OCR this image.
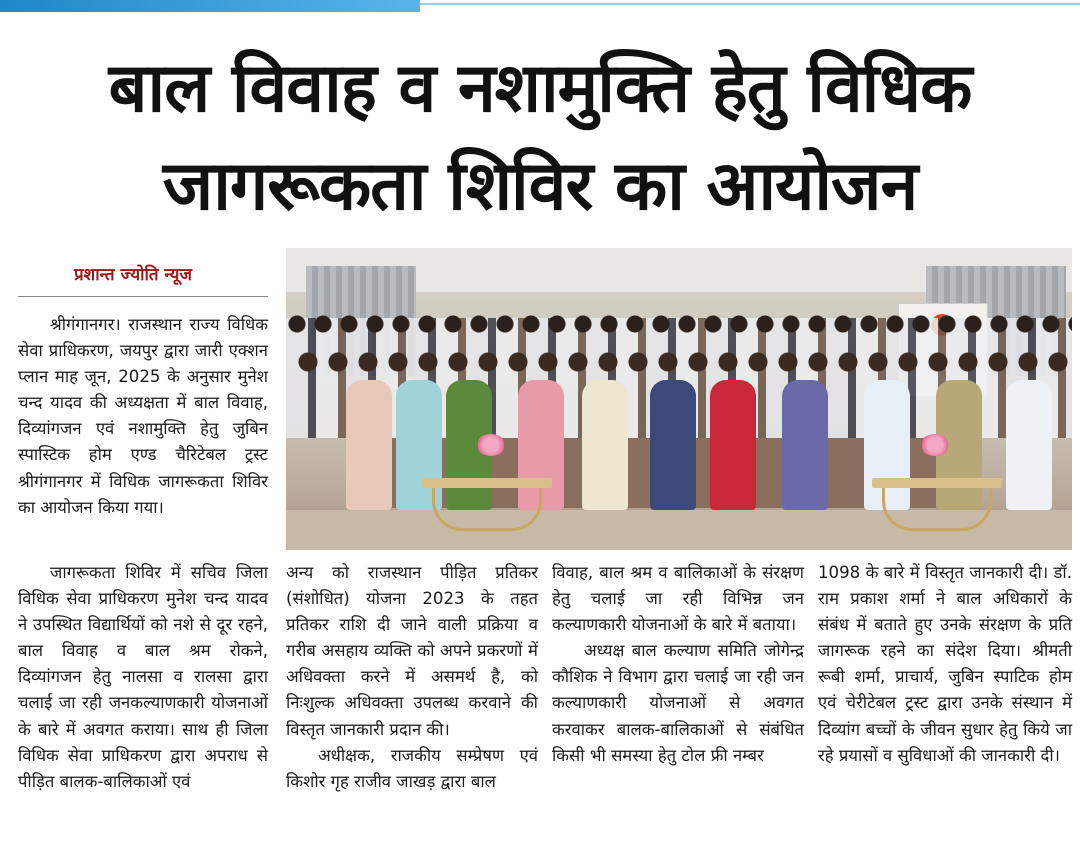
बाल विवाह व नशामुक्ति हेतु विधिक
जागरूकता शिविर का आयोजन
प्रशान्त ज्योति न्यूज

श्रीगंगानगर। राजस्थान राज्य विधिक सेवा प्राधिकरण, जयपुर द्वारा जारी एक्शन प्लान माह जून, 2025 के अनुसार मुनेश चन्द यादव की अध्यक्षता में बाल विवाह, दिव्यांगजन एवं नशामुक्ति हेतु जुबिन स्पास्टिक होम एण्ड चैरिटेबल ट्रस्ट श्रीगंगानगर में विधिक जागरूकता शिविर का आयोजन किया गया।

जागरूकता शिविर में सचिव जिला विधिक सेवा प्राधिकरण मुनेश चन्द यादव ने उपस्थित विद्यार्थियों को नशे से दूर रहने, बाल विवाह व बाल श्रम रोकने, दिव्यांगजन हेतु नालसा व रालसा द्वारा चलाई जा रही जनकल्याणकारी योजनाओं के बारे में अवगत कराया। साथ ही जिला विधिक सेवा प्राधिकरण द्वारा अपराध से पीड़ित बालक-बालिकाओं एवं

अन्य को राजस्थान पीड़ित प्रतिकर (संशोधित) योजना 2023 के तहत प्रतिकर राशि दी जाने वाली प्रक्रिया व गरीब असहाय व्यक्ति को अपने प्रकरणों में अधिवक्ता करने में असमर्थ है, को निःशुल्क अधिवक्ता उपलब्ध करवाने की विस्तृत जानकारी प्रदान की।

अधीक्षक, राजकीय सम्प्रेषण एवं किशोर गृह राजीव जाखड़ द्वारा बाल

विवाह, बाल श्रम व बालिकाओं के संरक्षण हेतु चलाई जा रही विभिन्न जन कल्याणकारी योजनाओं के बारे में बताया।

अध्यक्ष बाल कल्याण समिति जोगेन्द्र कौशिक ने विभाग द्वारा चलाई जा रही जन कल्याणकारी योजनाओं से अवगत करवाकर बालक-बालिकाओं से संबंधित किसी भी समस्या हेतु टोल फ्री नम्बर

1098 के बारे में विस्तृत जानकारी दी। डॉ. राम प्रकाश शर्मा ने बाल अधिकारों के संबंध में बताते हुए उनके संरक्षण के प्रति जागरूक रहने का संदेश दिया। श्रीमती रूबी शर्मा, प्राचार्य, जुबिन स्पाटिक होम एवं चेरीटेबल ट्रस्ट द्वारा उनके संस्थान में दिव्यांग बच्चों के जीवन सुधार हेतु किये जा रहे प्रयासों व सुविधाओं की जानकारी दी।
